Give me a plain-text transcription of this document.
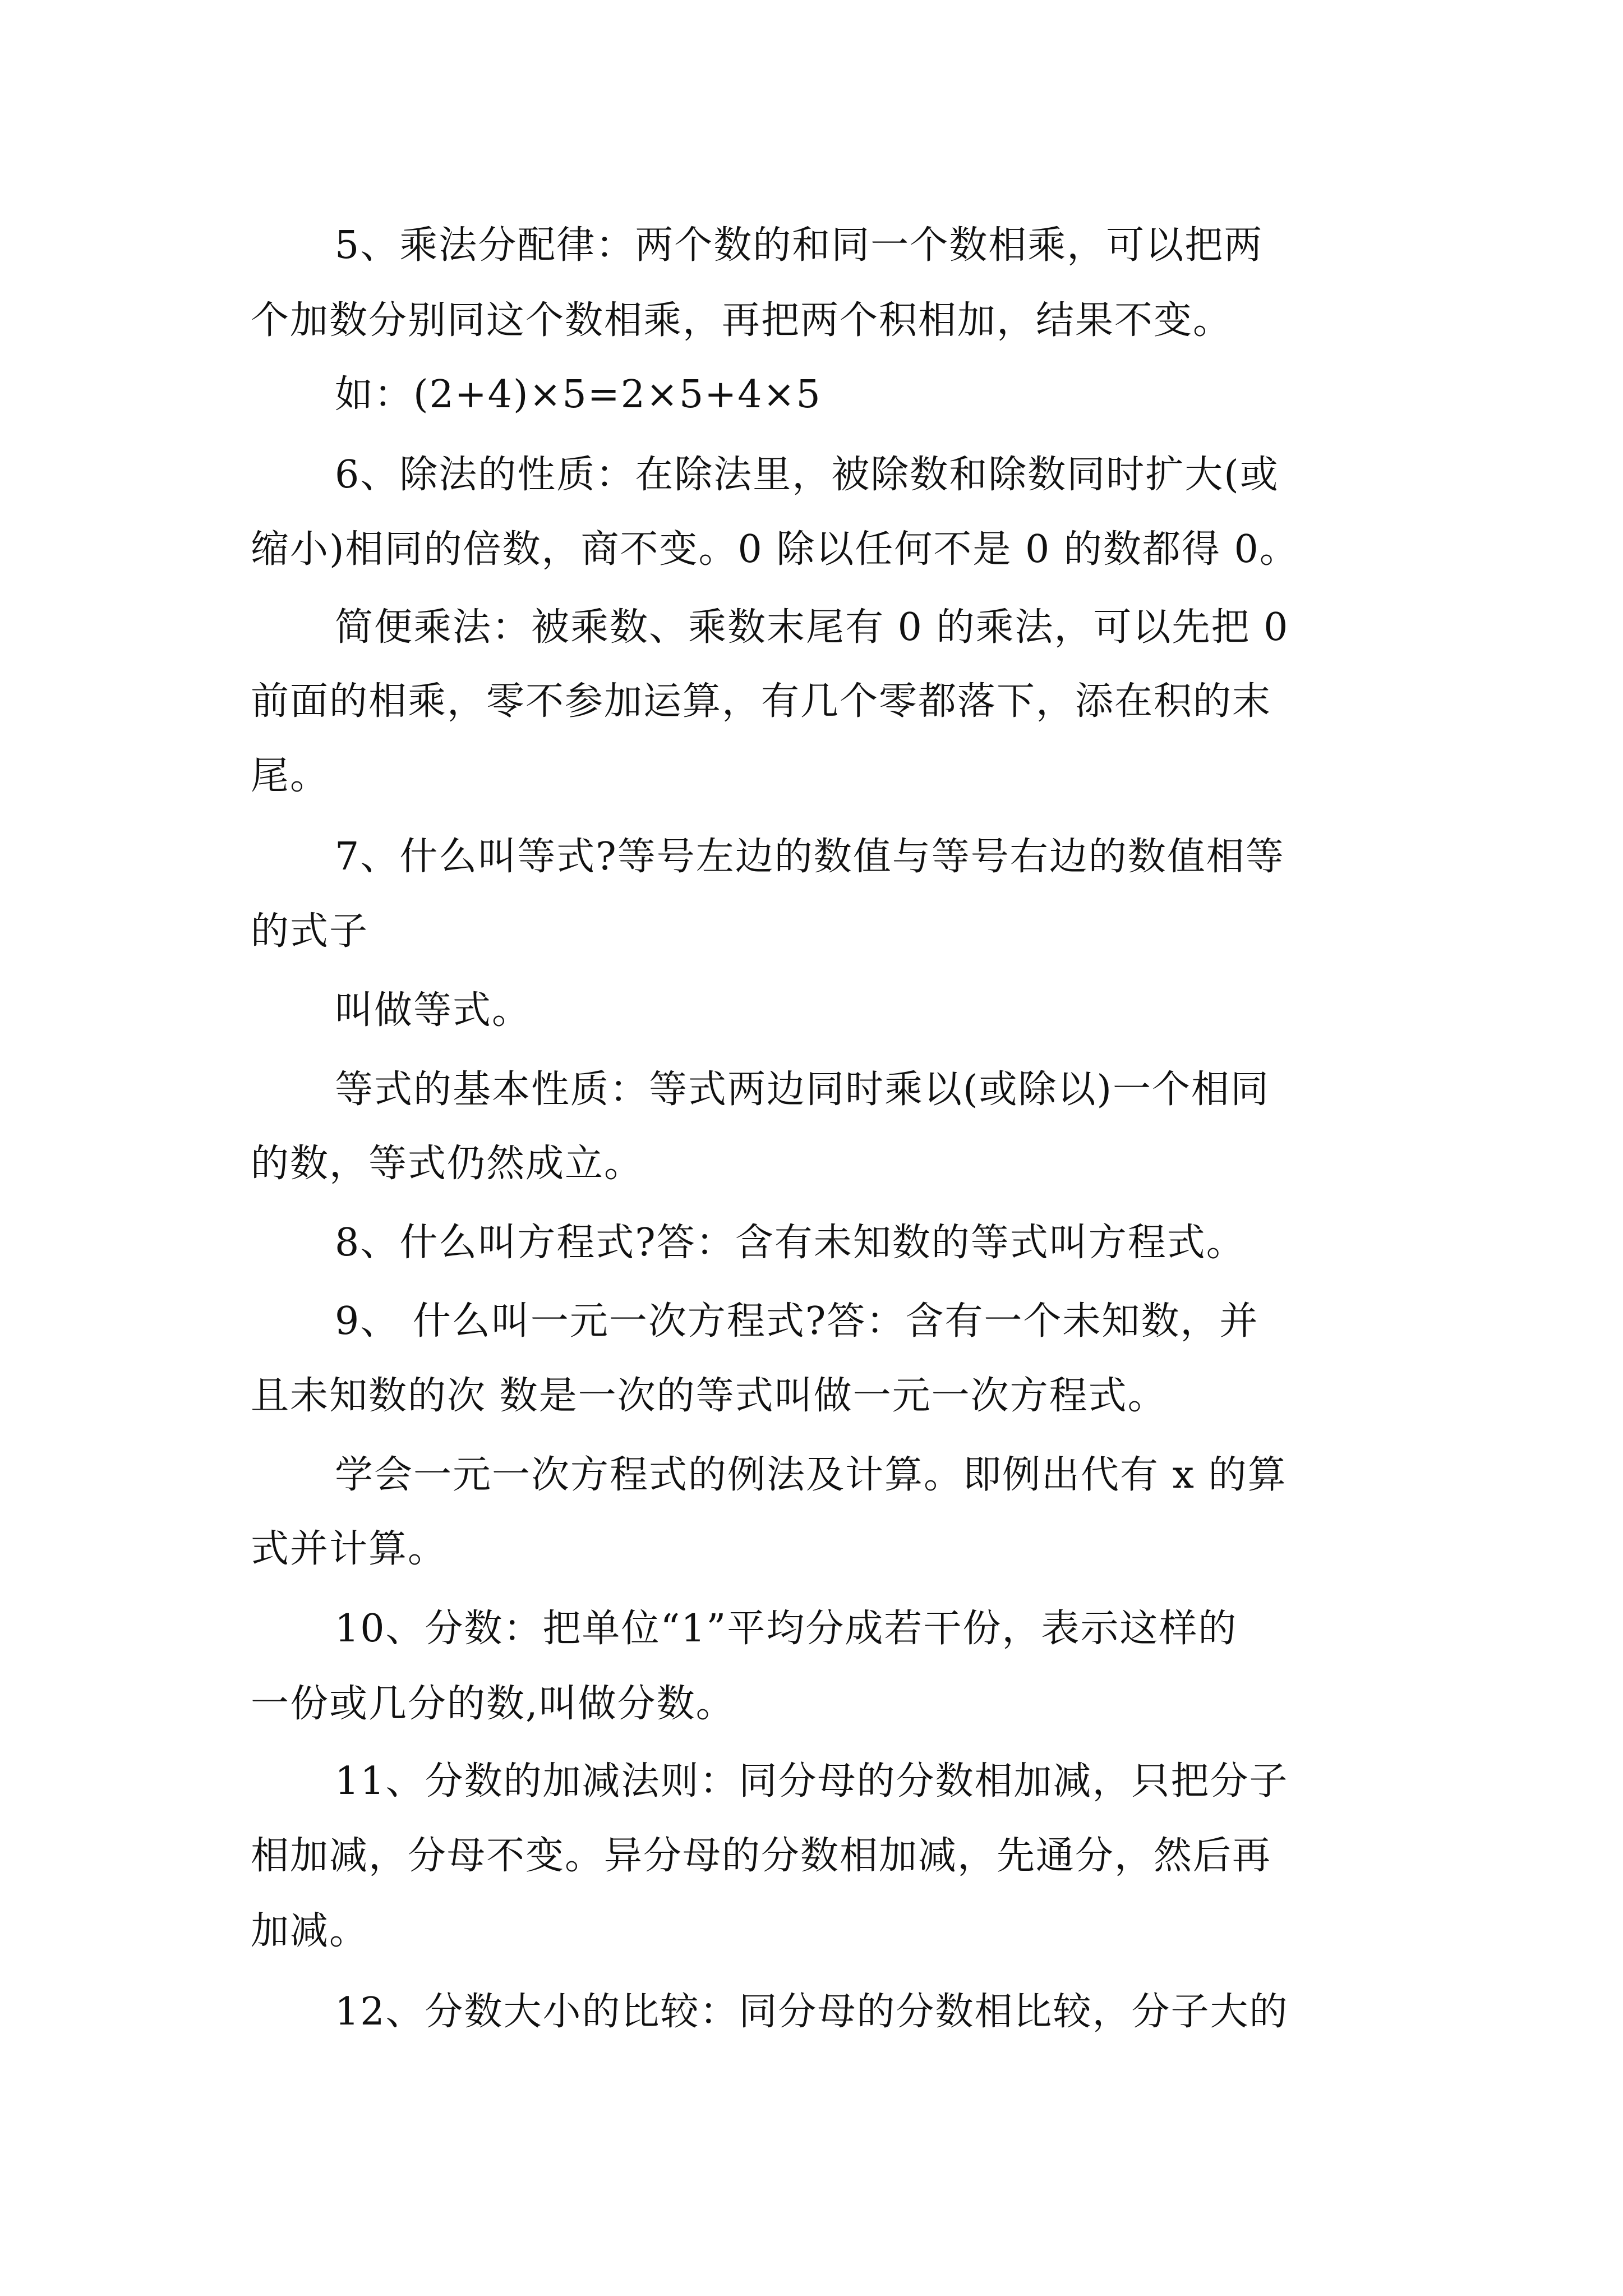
5、乘法分配律：两个数的和同一个数相乘，可以把两
个加数分别同这个数相乘，再把两个积相加，结果不变。
如：(2+4)×5=2×5+4×5
6、除法的性质：在除法里，被除数和除数同时扩大(或
缩小)相同的倍数，商不变。0 除以任何不是 0 的数都得 0。
简便乘法：被乘数、乘数末尾有 0 的乘法，可以先把 0
前面的相乘，零不参加运算，有几个零都落下，添在积的末
尾。
7、什么叫等式?等号左边的数值与等号右边的数值相等
的式子
叫做等式。
等式的基本性质：等式两边同时乘以(或除以)一个相同
的数，等式仍然成立。
8、什么叫方程式?答：含有未知数的等式叫方程式。
9、 什么叫一元一次方程式?答：含有一个未知数，并
且未知数的次 数是一次的等式叫做一元一次方程式。
学会一元一次方程式的例法及计算。即例出代有 x 的算
式并计算。
10、分数：把单位“1”平均分成若干份，表示这样的
一份或几分的数,叫做分数。
11、分数的加减法则：同分母的分数相加减，只把分子
相加减，分母不变。异分母的分数相加减，先通分，然后再
加减。
12、分数大小的比较：同分母的分数相比较，分子大的
